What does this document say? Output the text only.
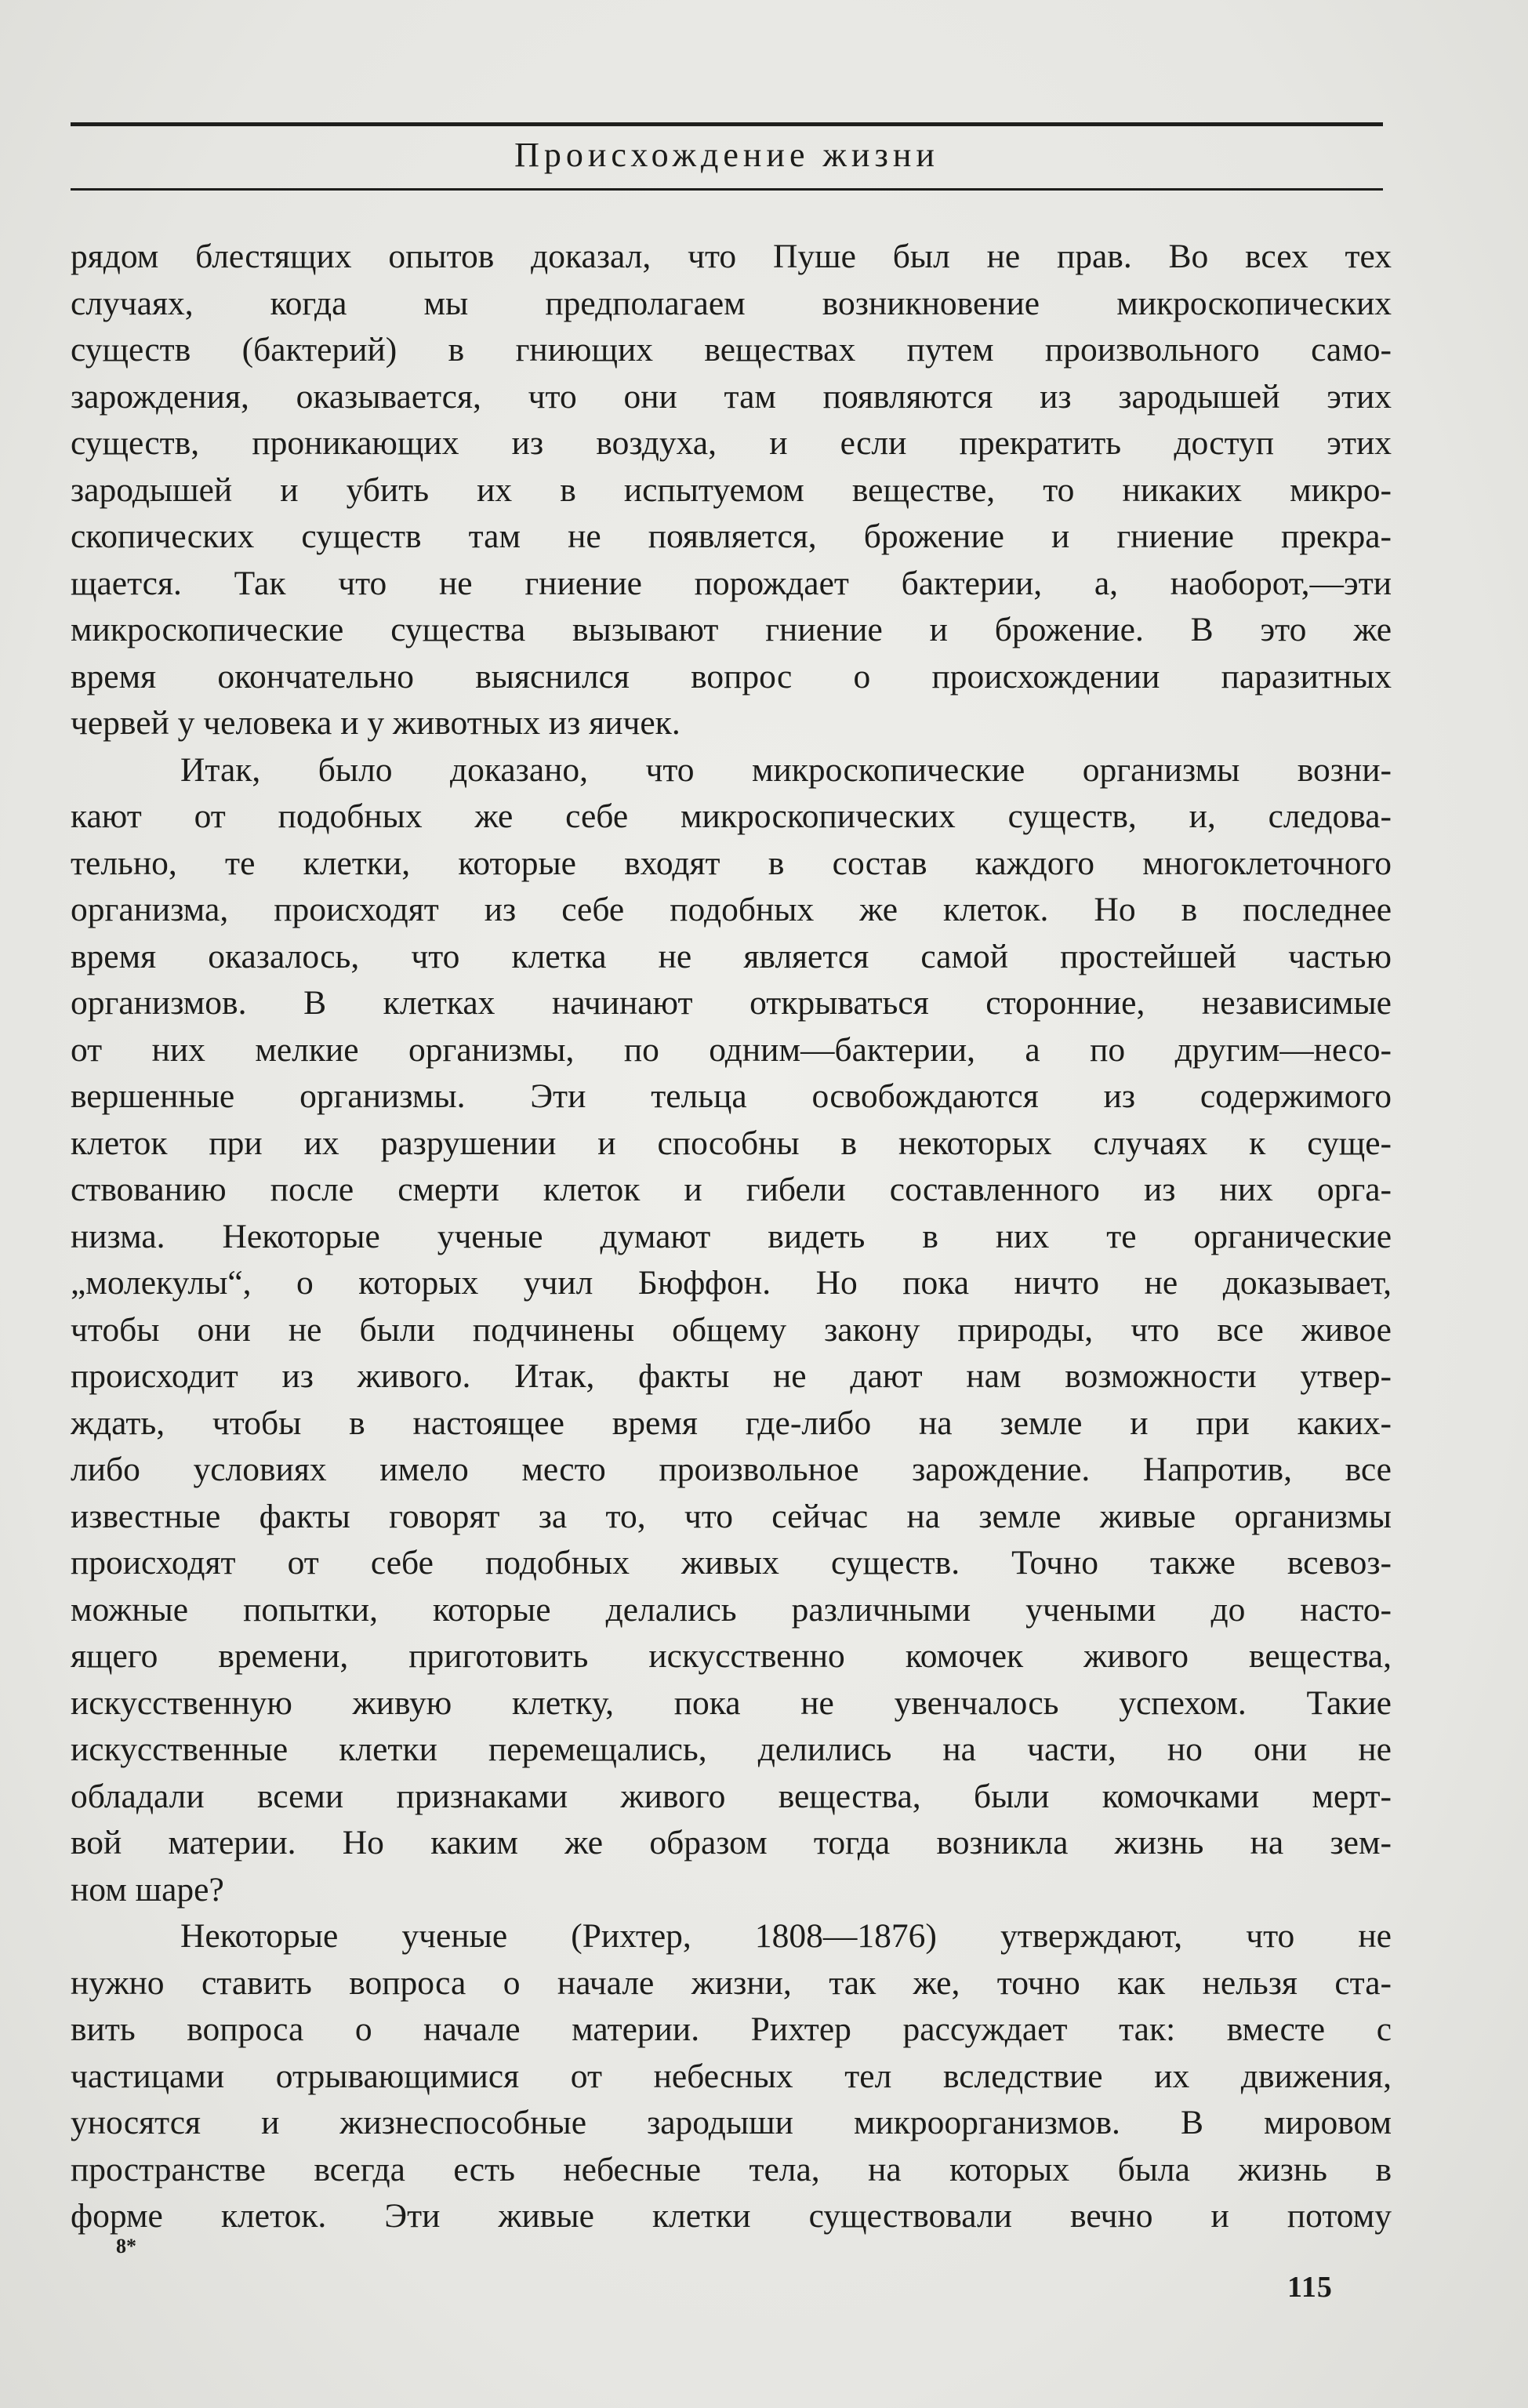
Происхождение жизни
рядом блестящих опытов доказал, что Пуше был не прав. Во всех тех
случаях, когда мы предполагаем возникновение микроскопических
существ (бактерий) в гниющих веществах путем произвольного само-
зарождения, оказывается, что они там появляются из зародышей этих
существ, проникающих из воздуха, и если прекратить доступ этих
зародышей и убить их в испытуемом веществе, то никаких микро-
скопических существ там не появляется, брожение и гниение прекра-
щается. Так что не гниение порождает бактерии, а, наоборот,—эти
микроскопические существа вызывают гниение и брожение. В это же
время окончательно выяснился вопрос о происхождении паразитных
червей у человека и у животных из яичек.
Итак, было доказано, что микроскопические организмы возни-
кают от подобных же себе микроскопических существ, и, следова-
тельно, те клетки, которые входят в состав каждого многоклеточного
организма, происходят из себе подобных же клеток. Но в последнее
время оказалось, что клетка не является самой простейшей частью
организмов. В клетках начинают открываться сторонние, независимые
от них мелкие организмы, по одним—бактерии, а по другим—несо-
вершенные организмы. Эти тельца освобождаются из содержимого
клеток при их разрушении и способны в некоторых случаях к суще-
ствованию после смерти клеток и гибели составленного из них орга-
низма. Некоторые ученые думают видеть в них те органические
„молекулы“, о которых учил Бюффон. Но пока ничто не доказывает,
чтобы они не были подчинены общему закону природы, что все живое
происходит из живого. Итак, факты не дают нам возможности утвер-
ждать, чтобы в настоящее время где-либо на земле и при каких-
либо условиях имело место произвольное зарождение. Напротив, все
известные факты говорят за то, что сейчас на земле живые организмы
происходят от себе подобных живых существ. Точно также всевоз-
можные попытки, которые делались различными учеными до насто-
ящего времени, приготовить искусственно комочек живого вещества,
искусственную живую клетку, пока не увенчалось успехом. Такие
искусственные клетки перемещались, делились на части, но они не
обладали всеми признаками живого вещества, были комочками мерт-
вой материи. Но каким же образом тогда возникла жизнь на зем-
ном шаре?
Некоторые ученые (Рихтер, 1808—1876) утверждают, что не
нужно ставить вопроса о начале жизни, так же, точно как нельзя ста-
вить вопроса о начале материи. Рихтер рассуждает так: вместе с
частицами отрывающимися от небесных тел вследствие их движения,
уносятся и жизнеспособные зародыши микроорганизмов. В мировом
пространстве всегда есть небесные тела, на которых была жизнь в
форме клеток. Эти живые клетки существовали вечно и потому
8*
115
